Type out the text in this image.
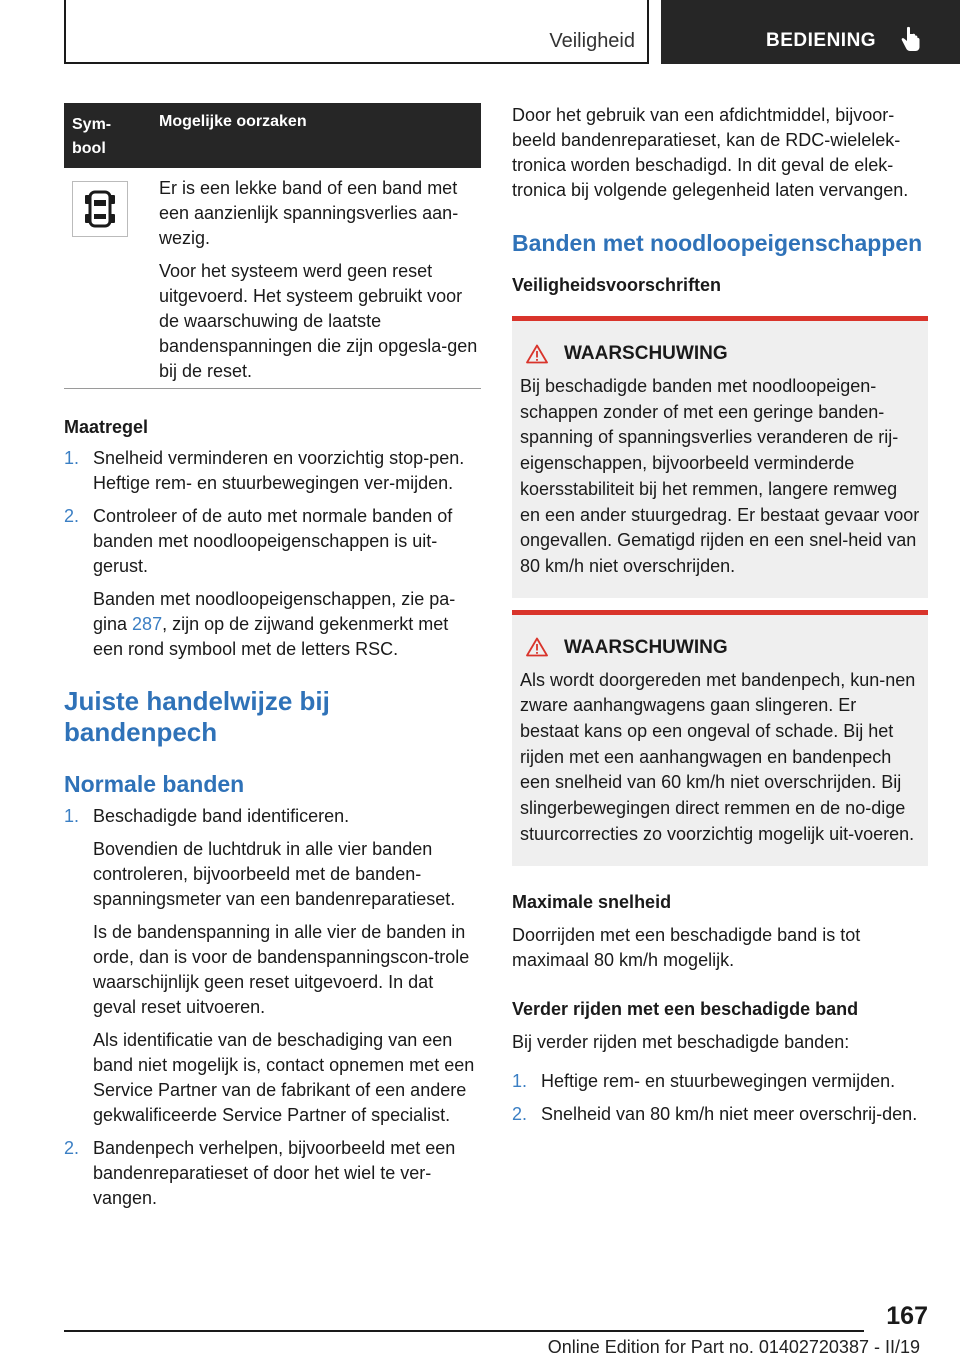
Veiligheid	BEDIENING
Sym-
bool
Mogelijke oorzaken

Er is een lekke band of een band met een aanzienlijk spanningsverlies aan-wezig.

Voor het systeem werd geen reset uitgevoerd. Het systeem gebruikt voor de waarschuwing de laatste bandenspanningen die zijn opgesla-gen bij de reset.

Maatregel

1. Snelheid verminderen en voorzichtig stop-pen. Heftige rem- en stuurbewegingen ver-mijden.

2. Controleer of de auto met normale banden of banden met noodloopeigenschappen is uit-gerust.

Banden met noodloopeigenschappen, zie pa-gina 287, zijn op de zijwand gekenmerkt met een rond symbool met de letters RSC.

Juiste handelwijze bij bandenpech
Normale banden
1. Beschadigde band identificeren.

Bovendien de luchtdruk in alle vier banden controleren, bijvoorbeeld met de banden-spanningsmeter van een bandenreparatieset.

Is de bandenspanning in alle vier de banden in orde, dan is voor de bandenspanningscon-trole waarschijnlijk geen reset uitgevoerd. In dat geval reset uitvoeren.

Als identificatie van de beschadiging van een band niet mogelijk is, contact opnemen met een Service Partner van de fabrikant of een andere gekwalificeerde Service Partner of specialist.

2. Bandenpech verhelpen, bijvoorbeeld met een bandenreparatieset of door het wiel te ver-vangen.

Door het gebruik van een afdichtmiddel, bijvoor-beeld bandenreparatieset, kan de RDC-wielelek-tronica worden beschadigd. In dit geval de elek-tronica bij volgende gelegenheid laten vervangen.

Banden met noodloopeigenschappen

Veiligheidsvoorschriften

WAARSCHUWING

Bij beschadigde banden met noodloopeigen-schappen zonder of met een geringe banden-spanning of spanningsverlies veranderen de rij-eigenschappen, bijvoorbeeld verminderde koersstabiliteit bij het remmen, langere remweg en een ander stuurgedrag. Er bestaat gevaar voor ongevallen. Gematigd rijden en een snel-heid van 80 km/h niet overschrijden.

WAARSCHUWING

Als wordt doorgereden met bandenpech, kun-nen zware aanhangwagens gaan slingeren. Er bestaat kans op een ongeval of schade. Bij het rijden met een aanhangwagen en bandenpech een snelheid van 60 km/h niet overschrijden. Bij slingerbewegingen direct remmen en de no-dige stuurcorrecties zo voorzichtig mogelijk uit-voeren.

Maximale snelheid

Doorrijden met een beschadigde band is tot maximaal 80 km/h mogelijk.

Verder rijden met een beschadigde band

Bij verder rijden met beschadigde banden:

1. Heftige rem- en stuurbewegingen vermijden.

2. Snelheid van 80 km/h niet meer overschrij-den.

167
Online Edition for Part no. 01402720387 - II/19
